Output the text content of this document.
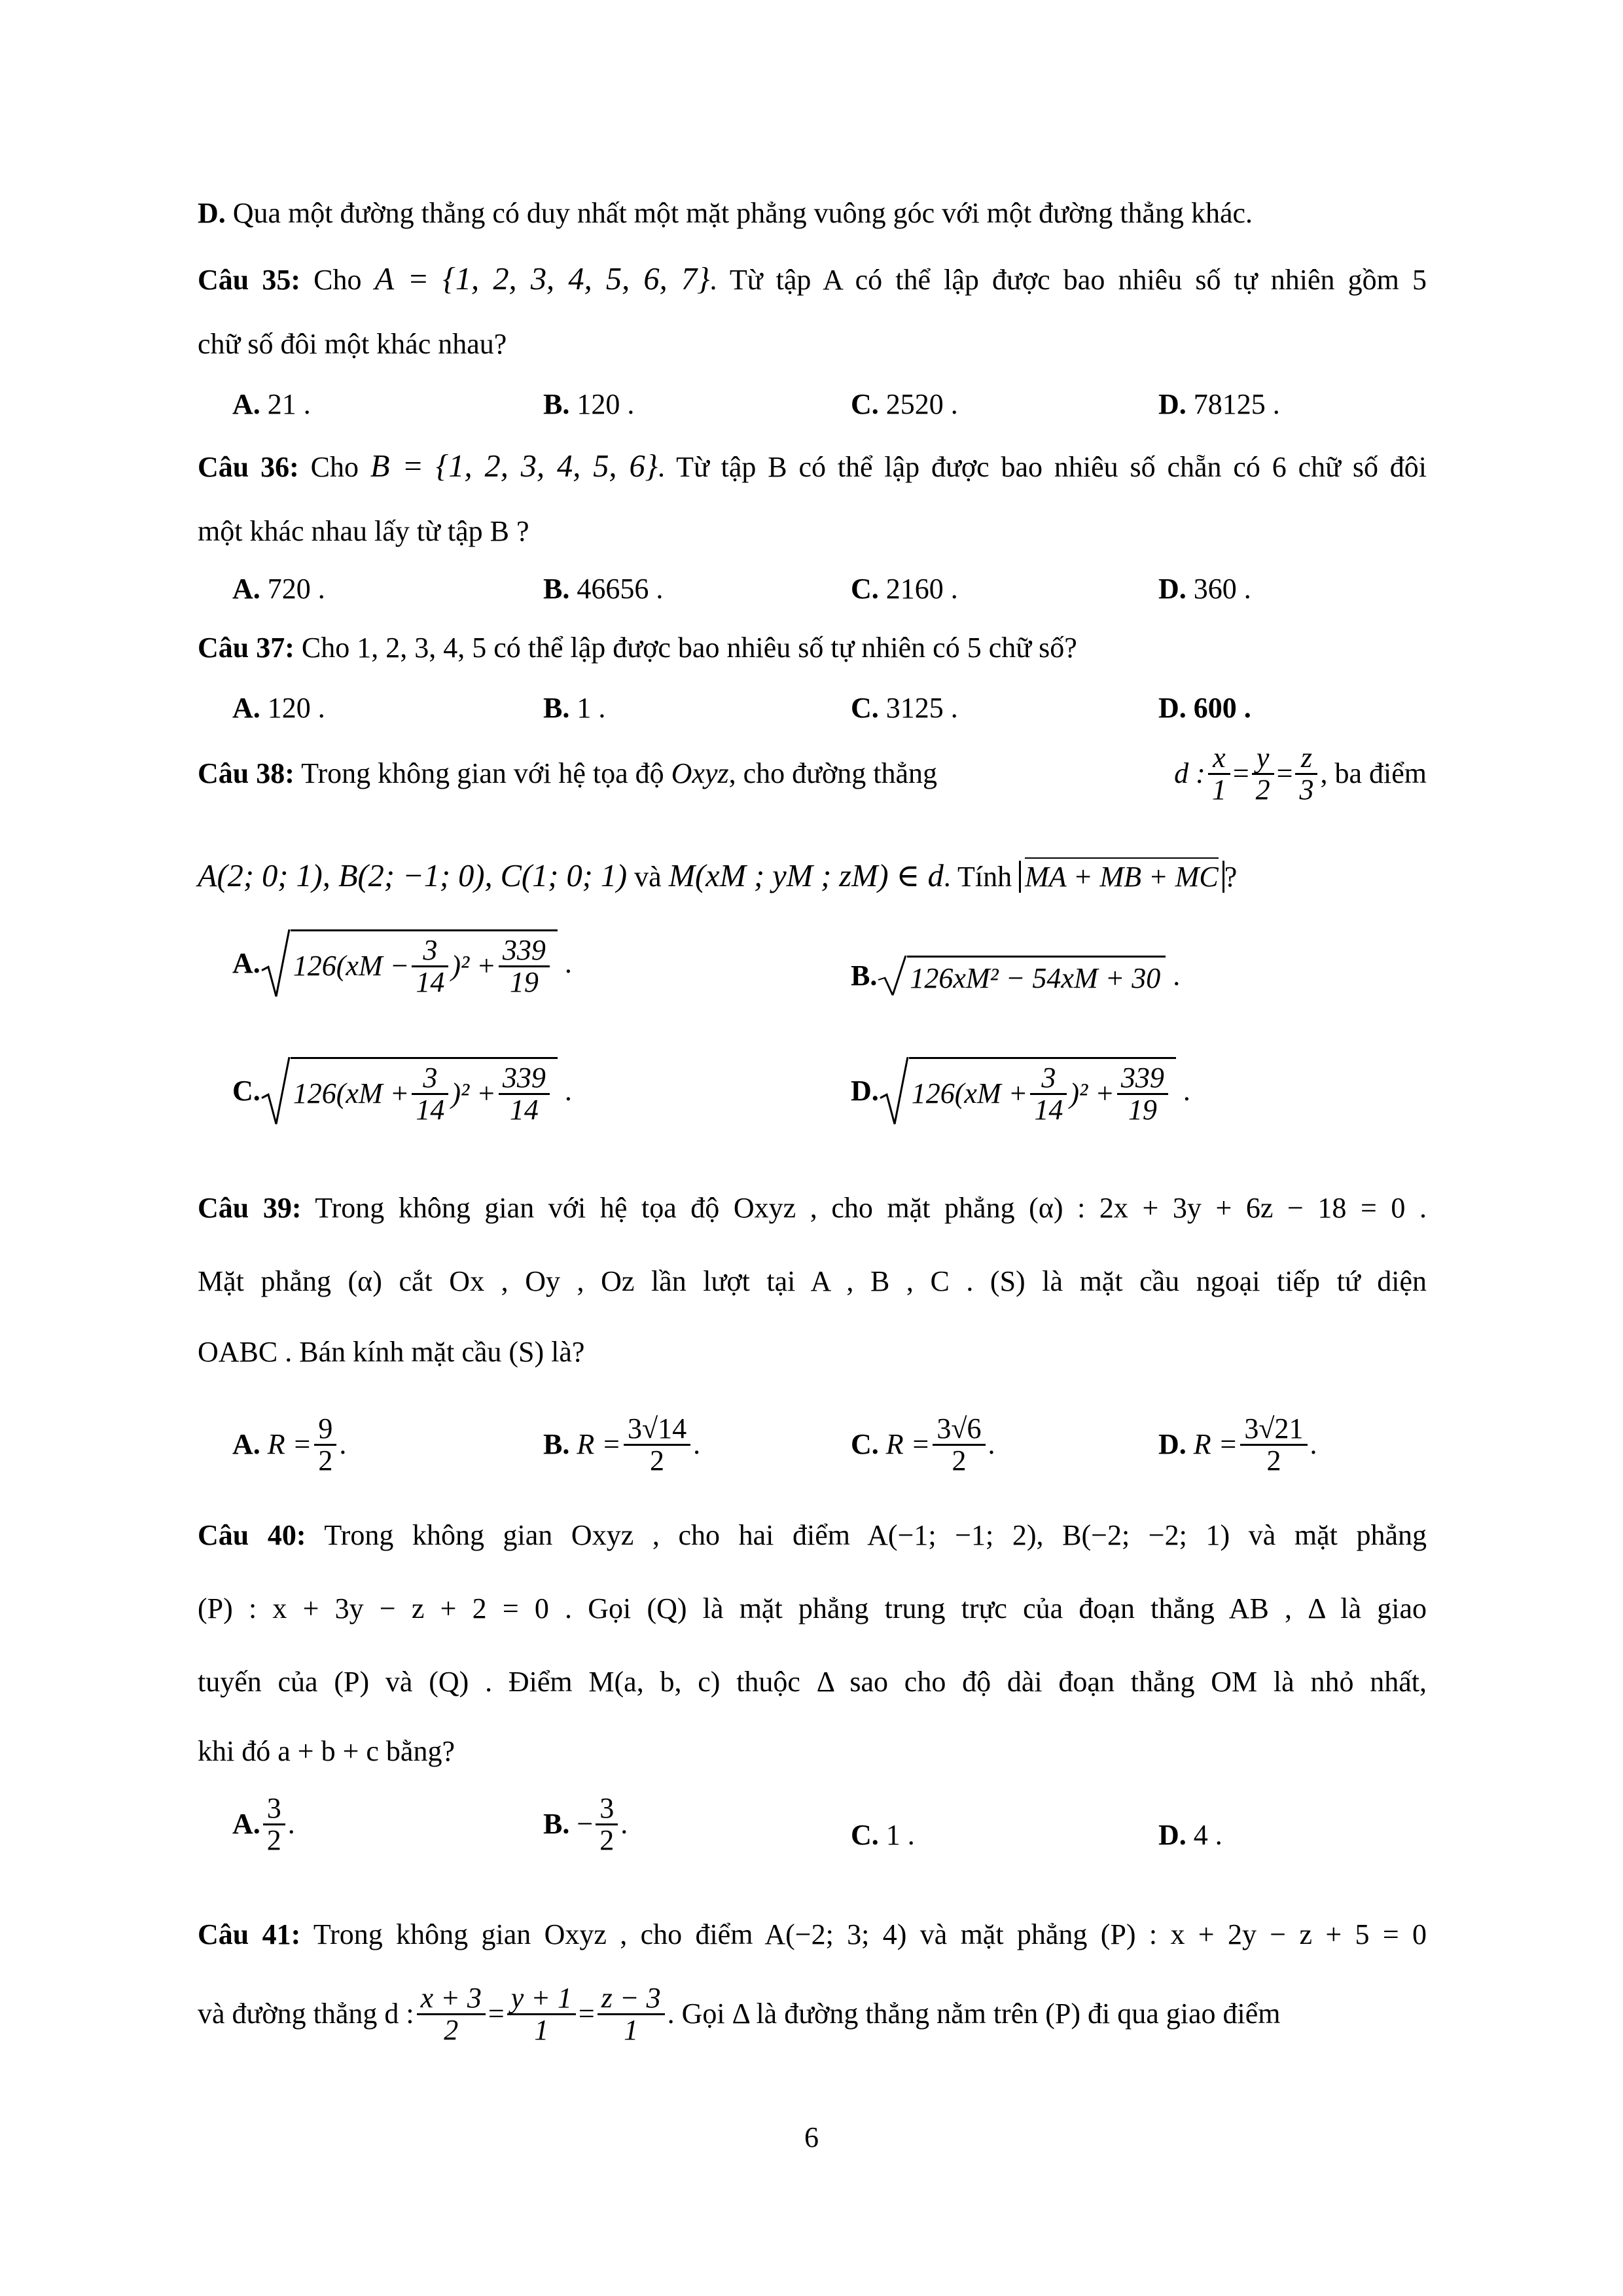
D. Qua một đường thẳng có duy nhất một mặt phẳng vuông góc với một đường thẳng khác.
Câu 35: Cho A = {1, 2, 3, 4, 5, 6, 7}. Từ tập A có thể lập được bao nhiêu số tự nhiên gồm 5
chữ số đôi một khác nhau?
A. 21 .	B. 120 .	C. 2520 .	D. 78125 .
Câu 36: Cho B = {1, 2, 3, 4, 5, 6}. Từ tập B có thể lập được bao nhiêu số chẵn có 6 chữ số đôi
một khác nhau lấy từ tập B ?
A. 720 .	B. 46656 .	C. 2160 .	D. 360 .
Câu 37: Cho 1, 2, 3, 4, 5 có thể lập được bao nhiêu số tự nhiên có 5 chữ số?
A. 120 .	B. 1 .	C. 3125 .	D. 600 .
Câu 38: Trong không gian với hệ tọa độ Oxyz, cho đường thẳng	d : $\frac{x}{1} = \frac{y}{2} = \frac{z}{3}$ , ba điểm
A(2; 0; 1), B(2; −1; 0), C(1; 0; 1) và M(xM ; yM ; zM) ∈ d. Tính MA + MB + MC ?
A. $126(xM - \frac{3}{14} )^2 + \frac{339}{19}$ .	B.	126xM² − 54xM + 30 .
C. $126(xM + \frac{3}{14} )^2 + \frac{339}{14}$ .	D. $126(xM + \frac{3}{14} )^2 + \frac{339}{19}$ .
Câu 39: Trong không gian với hệ tọa độ Oxyz , cho mặt phẳng (α) : 2x + 3y + 6z − 18 = 0 .
Mặt phẳng (α) cắt Ox , Oy , Oz lần lượt tại A , B , C . (S) là mặt cầu ngoại tiếp tứ diện
OABC . Bán kính mặt cầu (S) là?
A.
$R = \frac{9}{2}$ .	B.
$R = \frac{3√14}{2}$ .	C.
$R = \frac{3√6}{2}$ .	D.
$R = \frac{3√21}{2}$ .
Câu 40: Trong không gian Oxyz , cho hai điểm A(−1; −1; 2), B(−2; −2; 1) và mặt phẳng
(P) : x + 3y − z + 2 = 0 . Gọi (Q) là mặt phẳng trung trực của đoạn thẳng AB , Δ là giao
tuyến của (P) và (Q) . Điểm M(a, b, c) thuộc Δ sao cho độ dài đoạn thẳng OM là nhỏ nhất,
khi đó a + b + c bằng?
A. $\frac{3}{2}$ .	B.
− $\frac{3}{2}$ .	C. 1 .	D. 4 .
Câu 41: Trong không gian Oxyz , cho điểm A(−2; 3; 4) và mặt phẳng (P) : x + 2y − z + 5 = 0
và đường thẳng d : $\frac{x + 3}{2} = \frac{y + 1}{1} = \frac{z - 3}{1}$ . Gọi Δ là đường thẳng nằm trên (P) đi qua giao điểm
6
